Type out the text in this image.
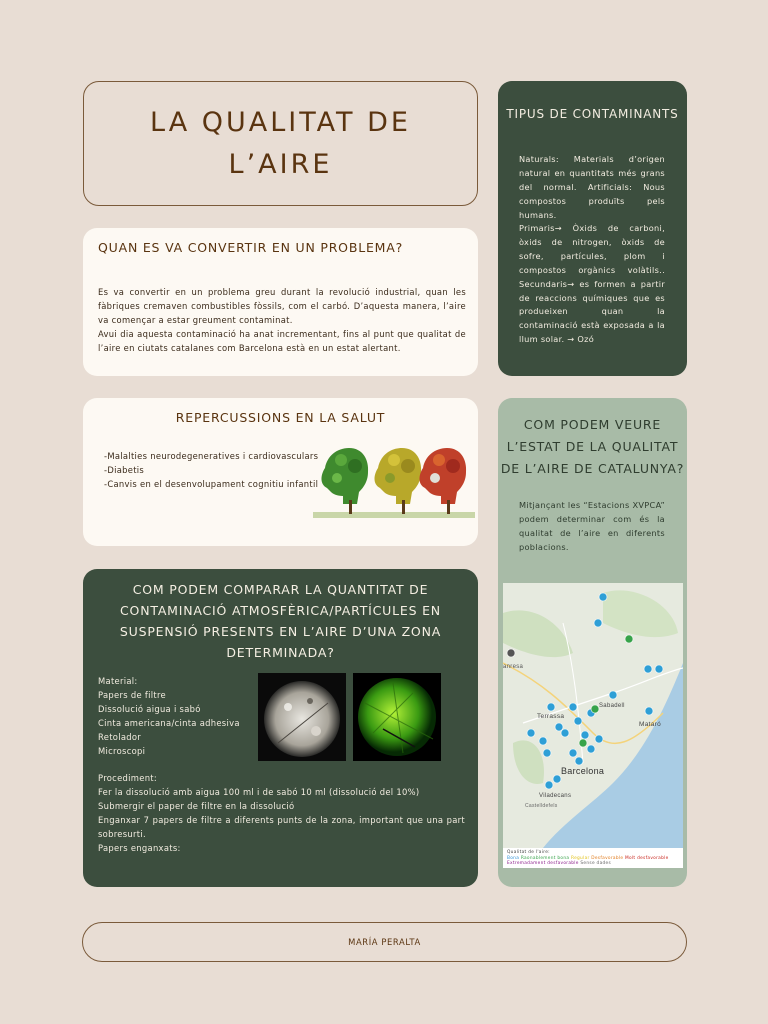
LA QUALITAT DE L’AIRE
QUAN ES VA CONVERTIR EN UN PROBLEMA?

Es va convertir en un problema greu durant la revolució industrial, quan les fàbriques cremaven combustibles fòssils, com el carbó. D’aquesta manera, l’aire va començar a estar greument contaminat.
Avui dia aquesta contaminació ha anat incrementant, fins al punt que qualitat de l’aire en ciutats catalanes com Barcelona està en un estat alertant.

REPERCUSSIONS EN LA SALUT
-Malalties neurodegeneratives i cardiovasculars
-Diabetis
-Canvis en el desenvolupament cognitiu infantil
COM PODEM COMPARAR LA QUANTITAT DE CONTAMINACIÓ ATMOSFÈRICA/PARTÍCULES EN SUSPENSIÓ PRESENTS EN L’AIRE D’UNA ZONA DETERMINADA?
Material:
Papers de filtre
Dissolució aigua i sabó
Cinta americana/cinta adhesiva
Retolador
Microscopi
Procediment:
Fer la dissolució amb aigua 100 ml i de sabó 10 ml (dissolució del 10%)
Submergir el paper de filtre en la dissolució
Enganxar 7 papers de filtre a diferents punts de la zona, important que una part sobresurti.
Papers enganxats:
TIPUS DE CONTAMINANTS

Naturals: Materials d’origen natural en quantitats més grans del normal. Artificials: Nous compostos produïts pels humans.

Primaris→ Òxids de carboni, òxids de nitrogen, òxids de sofre, partícules, plom i compostos orgànics volàtils.. Secundaris→ es formen a partir de reaccions químiques que es produeixen quan la contaminació està exposada a la llum solar. → Ozó

COM PODEM VEURE L’ESTAT DE LA QUALITAT DE L’AIRE DE CATALUNYA?

Mitjançant les “Estacions XVPCA” podem determinar com és la qualitat de l’aire en diferents poblacions.

anresa
Terrassa
Sabadell
Mataró
Barcelona
Viladecans
Castelldefels
Qualitat de l'aire:
Bona Raonablement bona Regular Desfavorable Molt desfavorable Extremadament desfavorable Sense dades
MARÍA PERALTA
